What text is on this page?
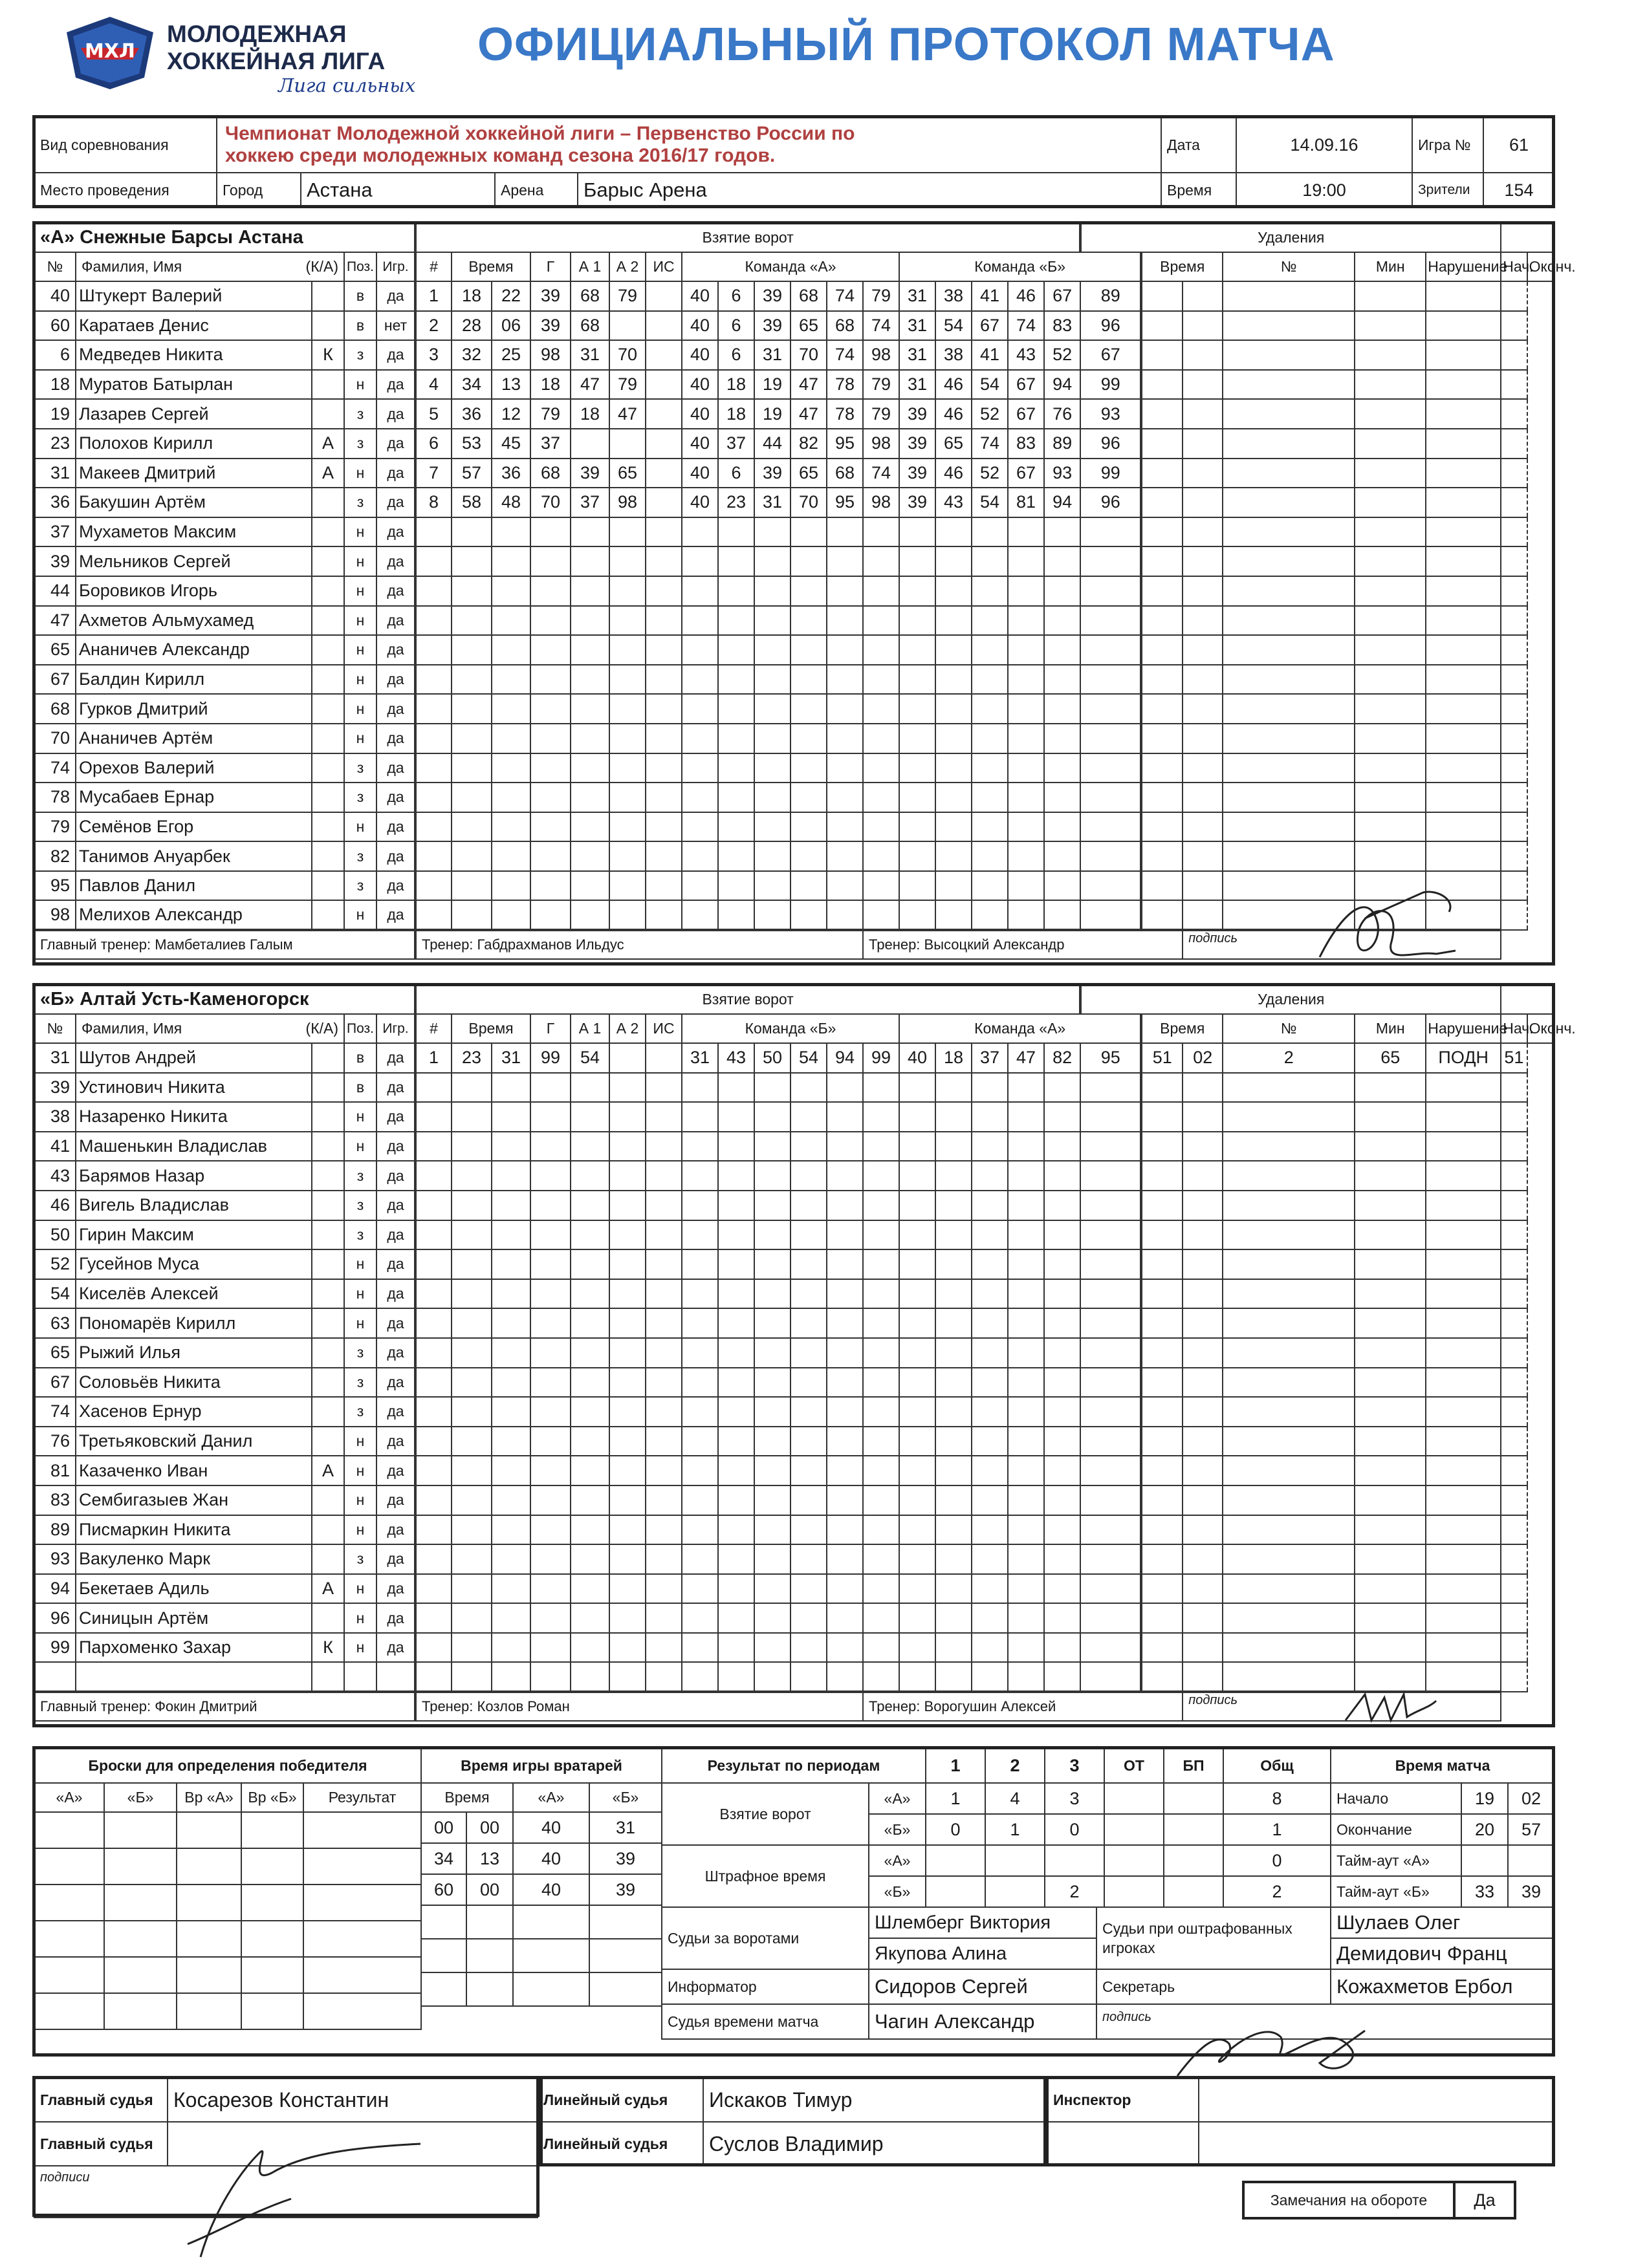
МХЛ
МОЛОДЕЖНАЯ
ХОККЕЙНАЯ ЛИГА
Лига сильных
ОФИЦИАЛЬНЫЙ ПРОТОКОЛ МАТЧА
Вид соревнования	Чемпионат Молодежной хоккейной лиги – Первенство России по хоккею среди молодежных команд сезона 2016/17 годов.				Дата	14.09.16	Игра №	61
Место проведения	Город	Астана	Арена	Барыс Арена	Время	19:00	Зрители	154
«А» Снежные Барсы Астана					Взятие ворот																		Удаления							
№	Фамилия, Имя (К/А)		Поз.	Игр.	#	Время		Г	А 1	А 2	ИС	Команда «А»						Команда «Б»						Время		№	Мин	Нарушение	Нач.	Оконч.
40	Штукерт Валерий		в	да	1	18	22	39	68	79		40	6	39	68	74	79	31	38	41	46	67	89							
60	Каратаев Денис		в	нет	2	28	06	39	68			40	6	39	65	68	74	31	54	67	74	83	96							
6	Медведев Никита	К	з	да	3	32	25	98	31	70		40	6	31	70	74	98	31	38	41	43	52	67							
18	Муратов Батырлан		н	да	4	34	13	18	47	79		40	18	19	47	78	79	31	46	54	67	94	99							
19	Лазарев Сергей		з	да	5	36	12	79	18	47		40	18	19	47	78	79	39	46	52	67	76	93							
23	Полохов Кирилл	А	з	да	6	53	45	37				40	37	44	82	95	98	39	65	74	83	89	96							
31	Макеев Дмитрий	А	н	да	7	57	36	68	39	65		40	6	39	65	68	74	39	46	52	67	93	99							
36	Бакушин Артём		з	да	8	58	48	70	37	98		40	23	31	70	95	98	39	43	54	81	94	96							
37	Мухаметов Максим		н	да																										
39	Мельников Сергей		н	да																										
44	Боровиков Игорь		н	да																										
47	Ахметов Альмухамед		н	да																										
65	Ананичев Александр		н	да																										
67	Балдин Кирилл		н	да																										
68	Гурков Дмитрий		н	да																										
70	Ананичев Артём		н	да																										
74	Орехов Валерий		з	да																										
78	Мусабаев Ернар		з	да																										
79	Семёнов Егор		н	да																										
82	Танимов Ануарбек		з	да																										
95	Павлов Данил		з	да																										
98	Мелихов Александр		н	да																										
Главный тренер: Мамбеталиев Галым					Тренер: Габдрахманов Ильдус												Тренер: Высоцкий Александр								подпись					
«Б» Алтай Усть-Каменогорск					Взятие ворот																		Удаления							
№	Фамилия, Имя (К/А)		Поз.	Игр.	#	Время		Г	А 1	А 2	ИС	Команда «Б»						Команда «А»						Время		№	Мин	Нарушение	Нач.	Оконч.
31	Шутов Андрей		в	да	1	23	31	99	54			31	43	50	54	94	99	40	18	37	47	82	95	51	02	2	65	ПОДН	51	
39	Устинович Никита		в	да																										
38	Назаренко Никита		н	да																										
41	Машенькин Владислав		н	да																										
43	Барямов Назар		з	да																										
46	Вигель Владислав		з	да																										
50	Гирин Максим		з	да																										
52	Гусейнов Муса		н	да																										
54	Киселёв Алексей		н	да																										
63	Пономарёв Кирилл		н	да																										
65	Рыжий Илья		з	да																										
67	Соловьёв Никита		з	да																										
74	Хасенов Ернур		з	да																										
76	Третьяковский Данил		н	да																										
81	Казаченко Иван	А	н	да																										
83	Сембигазыев Жан		н	да																										
89	Писмаркин Никита		н	да																										
93	Вакуленко Марк		з	да																										
94	Бекетаев Адиль	А	н	да																										
96	Синицын Артём		н	да																										
99	Пархоменко Захар	К	н	да																										

Главный тренер: Фокин Дмитрий					Тренер: Козлов Роман												Тренер: Ворогушин Алексей								подпись					
Броски для определения победителя				
«А»	«Б»	Вр «А»	Вр «Б»	Результат

Время игры вратарей			
Время		«А»	«Б»
00	00	40	31
34	13	40	39
60	00	40	39

Результат по периодам		1	2	3	ОТ	БП	Общ
Взятие ворот	«А»	1	4	3			8
	«Б»	0	1	0			1
Штрафное время	«А»						0
	«Б»			2			2
Время матча		
Начало	19	02
Окончание	20	57
Тайм-аут «А»		
Тайм-аут «Б»	33	39
Судьи за воротами	Шлемберг Виктория	Судьи при оштрафованных игроках	Шулаев Олег
	Якупова Алина		Демидович Франц
Информатор	Сидоров Сергей	Секретарь	Кожахметов Ербол
Судья времени матча	Чагин Александр	подпись	
Главный судья	Косарезов Константин	Линейный судья	Искаков Тимур
Главный судья		Линейный судья	Суслов Владимир
подписи			
Инспектор	

Замечания на обороте	Да
